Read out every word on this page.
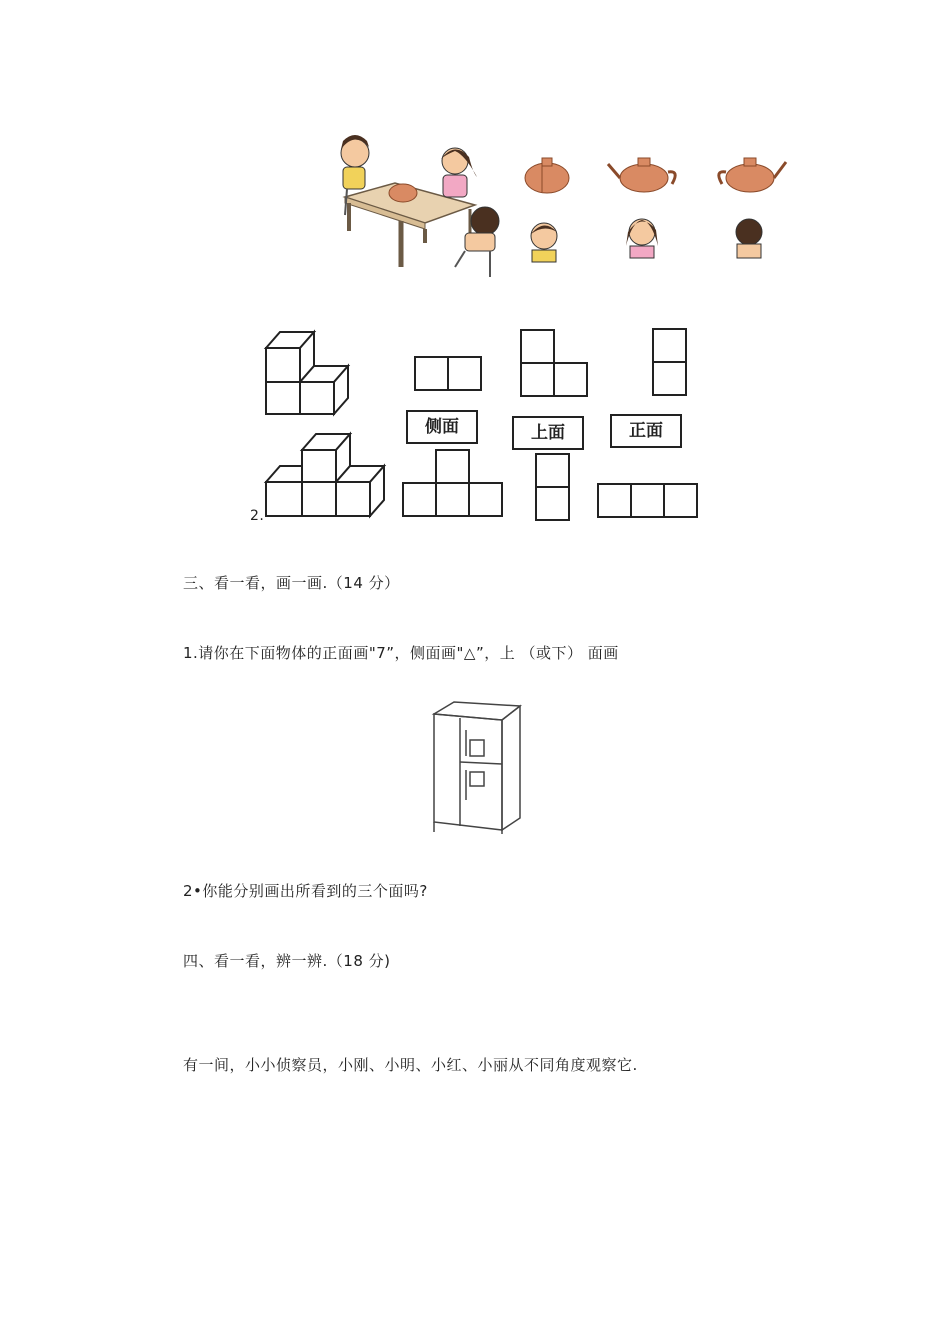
侧面	上面	正面
2.
三、看一看，画一画.（14 分）
1.请你在下面物体的正面画"7”，侧面画"△”，上 （或下） 面画
2•你能分别画出所看到的三个面吗?
四、看一看，辨一辨.（18 分)
有一间，小小侦察员，小刚、小明、小红、小丽从不同角度观察它.
